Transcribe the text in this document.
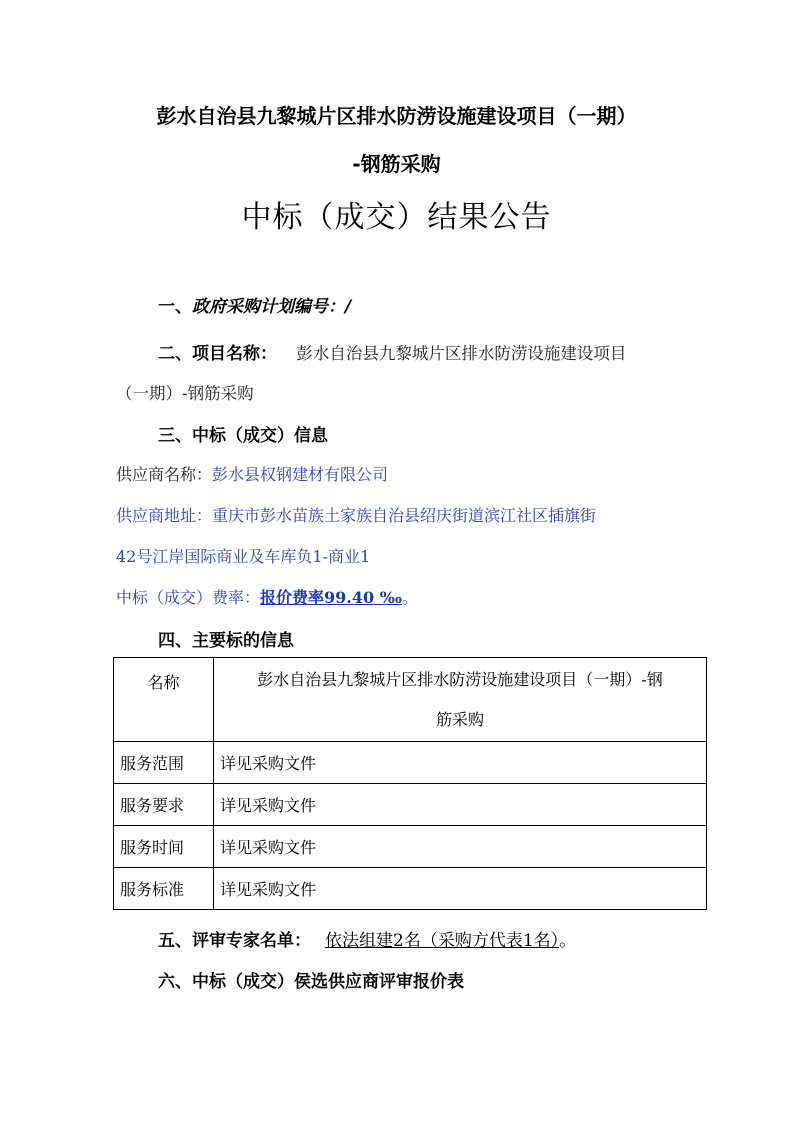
彭水自治县九黎城片区排水防涝设施建设项目（一期）
-钢筋采购
中标（成交）结果公告
一、政府采购计划编号：/
二、项目名称： 彭水自治县九黎城片区排水防涝设施建设项目
（一期）-钢筋采购
三、中标（成交）信息
供应商名称：彭水县权钢建材有限公司
供应商地址：重庆市彭水苗族土家族自治县绍庆街道滨江社区插旗街
42号江岸国际商业及车库负1-商业1
中标（成交）费率：报价费率99.40 ‰。
四、主要标的信息
名称	彭水自治县九黎城片区排水防涝设施建设项目（一期）-钢
筋采购

服务范围	详见采购文件
服务要求	详见采购文件
服务时间	详见采购文件
服务标准	详见采购文件
五、评审专家名单： 依法组建2名（采购方代表1名）。
六、中标（成交）侯选供应商评审报价表
